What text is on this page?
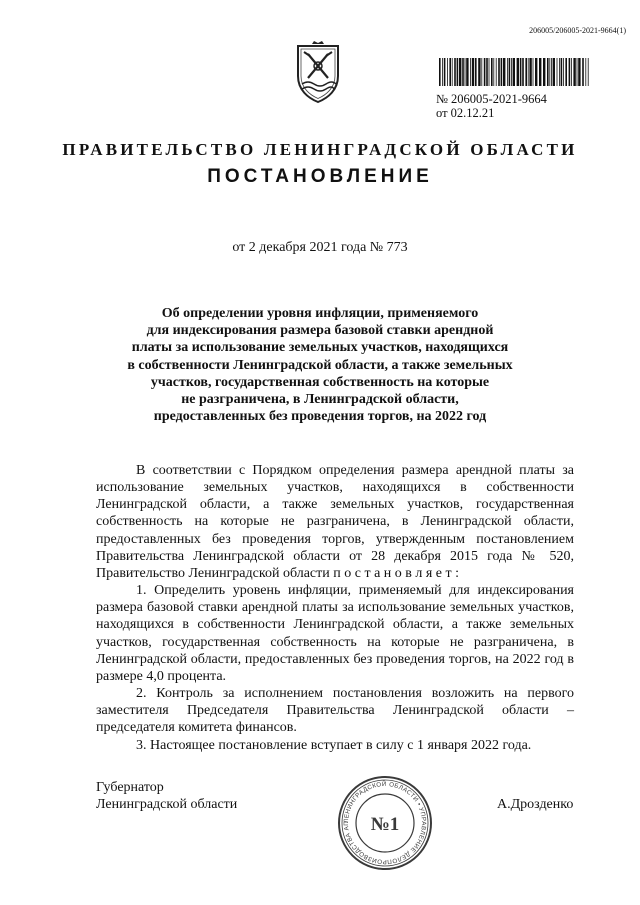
206005/206005-2021-9664(1)
№ 206005-2021-9664
от 02.12.21
ПРАВИТЕЛЬСТВО ЛЕНИНГРАДСКОЙ ОБЛАСТИ
ПОСТАНОВЛЕНИЕ
от 2 декабря 2021 года № 773
Об определении уровня инфляции, применяемого
для индексирования размера базовой ставки арендной
платы за использование земельных участков, находящихся
в собственности Ленинградской области, а также земельных
участков, государственная собственность на которые
не разграничена, в Ленинградской области,
предоставленных без проведения торгов, на 2022 год

В соответствии с Порядком определения размера арендной платы за использование земельных участков, находящихся в собственности Ленинградской области, а также земельных участков, государственная собственность на которые не разграничена, в Ленинградской области, предоставленных без проведения торгов, утвержденным постановлением Правительства Ленинградской области от 28 декабря 2015 года № 520, Правительство Ленинградской области п о с т а н о в л я е т :

1. Определить уровень инфляции, применяемый для индексирования размера базовой ставки арендной платы за использование земельных участков, находящихся в собственности Ленинградской области, а также земельных участков, государственная собственность на которые не разграничена, в Ленинградской области, предоставленных без проведения торгов, на 2022 год в размере 4,0 процента.

2. Контроль за исполнением постановления возложить на первого заместителя Председателя Правительства Ленинградской области – председателя комитета финансов.

3. Настоящее постановление вступает в силу с 1 января 2022 года.

Губернатор
Ленинградской области	А.Дрозденко
ЛЕНИНГРАДСКОЙ ОБЛАСТИ • УПРАВЛЕНИЕ ДЕЛОПРОИЗВОДСТВА АП	№1
